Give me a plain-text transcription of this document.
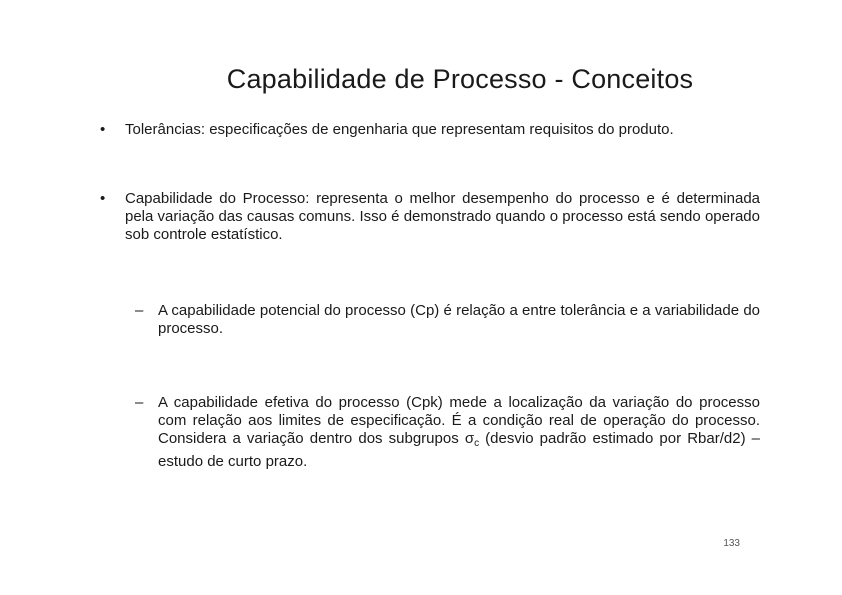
Capabilidade de Processo - Conceitos
•	Tolerâncias: especificações de engenharia que representam requisitos do produto.
•	Capabilidade do Processo: representa o melhor desempenho do processo e é determinada pela variação das causas comuns. Isso é demonstrado quando o processo está sendo operado sob controle estatístico.
– A capabilidade potencial do processo (Cp) é relação a entre tolerância e a variabilidade do processo.
– A capabilidade efetiva do processo (Cpk) mede a localização da variação do processo com relação aos limites de especificação. É a condição real de operação do processo. Considera a variação dentro dos subgrupos $\sigma_c$ (desvio padrão estimado por Rbar/d2) – estudo de curto prazo.
133
